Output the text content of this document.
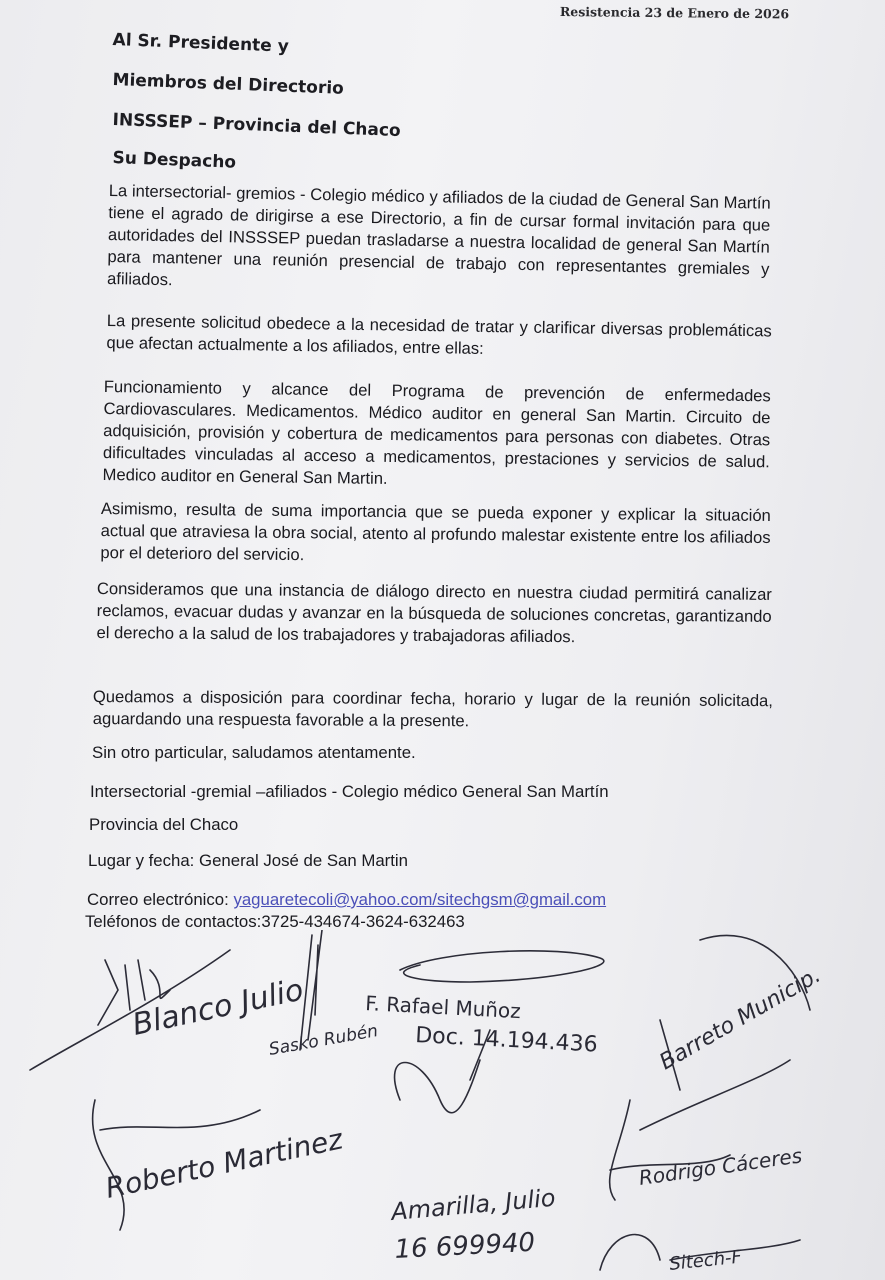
Resistencia 23 de Enero de 2026
Al Sr. Presidente y
Miembros del Directorio
INSSSEP – Provincia del Chaco
Su Despacho
La intersectorial- gremios - Colegio médico y afiliados de la ciudad de General San Martín tiene el agrado de dirigirse a ese Directorio, a fin de cursar formal invitación para que autoridades del INSSSEP puedan trasladarse a nuestra localidad de general San Martín para mantener una reunión presencial de trabajo con representantes gremiales y afiliados.
La presente solicitud obedece a la necesidad de tratar y clarificar diversas problemáticas que afectan actualmente a los afiliados, entre ellas:
Funcionamiento y alcance del Programa de prevención de enfermedades Cardiovasculares. Medicamentos. Médico auditor en general San Martin. Circuito de adquisición, provisión y cobertura de medicamentos para personas con diabetes. Otras dificultades vinculadas al acceso a medicamentos, prestaciones y servicios de salud. Medico auditor en General San Martin.
Asimismo, resulta de suma importancia que se pueda exponer y explicar la situación actual que atraviesa la obra social, atento al profundo malestar existente entre los afiliados por el deterioro del servicio.
Consideramos que una instancia de diálogo directo en nuestra ciudad permitirá canalizar reclamos, evacuar dudas y avanzar en la búsqueda de soluciones concretas, garantizando el derecho a la salud de los trabajadores y trabajadoras afiliados.
Quedamos a disposición para coordinar fecha, horario y lugar de la reunión solicitada, aguardando una respuesta favorable a la presente.
Sin otro particular, saludamos atentamente.
Intersectorial -gremial –afiliados - Colegio médico General San Martín
Provincia del Chaco
Lugar y fecha: General José de San Martin
Correo electrónico: yaguaretecoli@yahoo.com/sitechgsm@gmail.com
Teléfonos de contactos:3725-434674-3624-632463
Blanco Julio
Sasko Rubén
F. Rafael Muñoz
Doc. 14.194.436	Barreto Municip.
Roberto Martinez
Amarilla, Julio
16 699940
Rodrigo Cáceres
Sitech-F
